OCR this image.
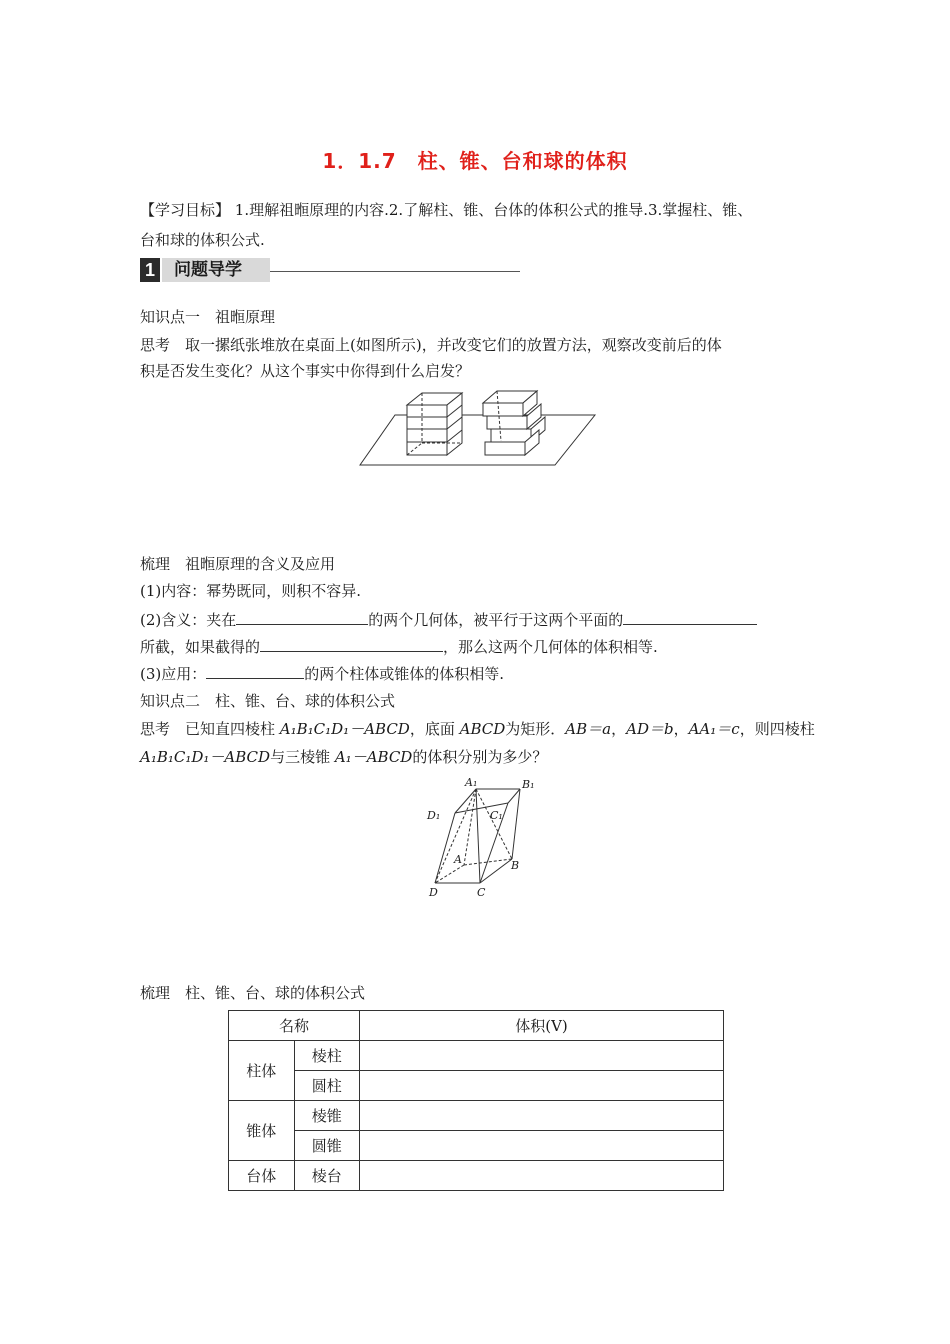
1．1.7　柱、锥、台和球的体积
【学习目标】 1.理解祖暅原理的内容.2.了解柱、锥、台体的体积公式的推导.3.掌握柱、锥、
台和球的体积公式.
1 问题导学
知识点一　祖暅原理
思考　取一摞纸张堆放在桌面上(如图所示)，并改变它们的放置方法，观察改变前后的体
积是否发生变化？从这个事实中你得到什么启发？
梳理　祖暅原理的含义及应用
(1)内容：幂势既同，则积不容异.
(2)含义：夹在	的两个几何体，被平行于这两个平面的
所截，如果截得的	，那么这两个几何体的体积相等.
(3)应用：	的两个柱体或锥体的体积相等.
知识点二　柱、锥、台、球的体积公式
思考　已知直四棱柱 A₁B₁C₁D₁－ABCD，底面 ABCD为矩形．AB＝a，AD＝b，AA₁＝c，则四棱柱
A₁B₁C₁D₁－ABCD与三棱锥 A₁－ABCD的体积分别为多少？
A₁	B₁
C₁
D₁
A	B
C
D
梳理　柱、锥、台、球的体积公式
名称		体积(V)
柱体	棱柱	
	圆柱	
锥体	棱锥	
	圆锥	
台体	棱台	
